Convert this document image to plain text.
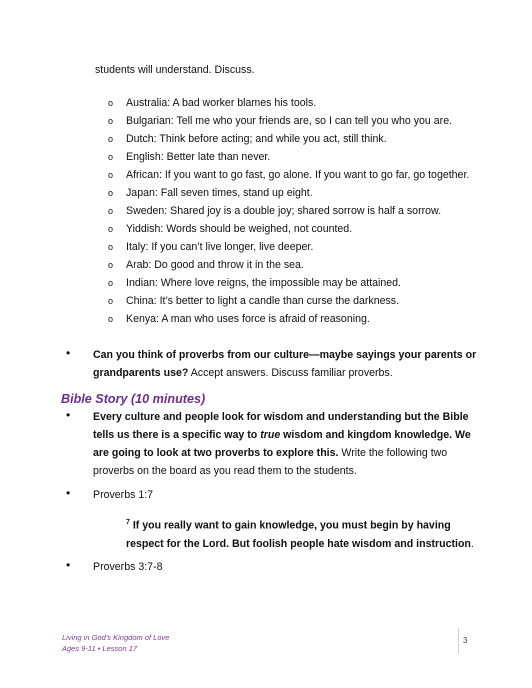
students will understand. Discuss.
o Australia: A bad worker blames his tools.
o Bulgarian: Tell me who your friends are, so I can tell you who you are.
o Dutch: Think before acting; and while you act, still think.
o English: Better late than never.
o African: If you want to go fast, go alone. If you want to go far, go together.
o Japan: Fall seven times, stand up eight.
o Sweden: Shared joy is a double joy; shared sorrow is half a sorrow.
o Yiddish: Words should be weighed, not counted.
o Italy: If you can’t live longer, live deeper.
o Arab: Do good and throw it in the sea.
o Indian: Where love reigns, the impossible may be attained.
o China: It’s better to light a candle than curse the darkness.
o Kenya: A man who uses force is afraid of reasoning.
• Can you think of proverbs from our culture—maybe sayings your parents or grandparents use? Accept answers. Discuss familiar proverbs.
Bible Story (10 minutes)
• Every culture and people look for wisdom and understanding but the Bible tells us there is a specific way to true wisdom and kingdom knowledge. We are going to look at two proverbs to explore this. Write the following two proverbs on the board as you read them to the students.
• Proverbs 1:7
$^7$ If you really want to gain knowledge, you must begin by having respect for the Lord. But foolish people hate wisdom and instruction.
• Proverbs 3:7-8
Living in God’s Kingdom of Love
Ages 9-11 • Lesson 17
3
